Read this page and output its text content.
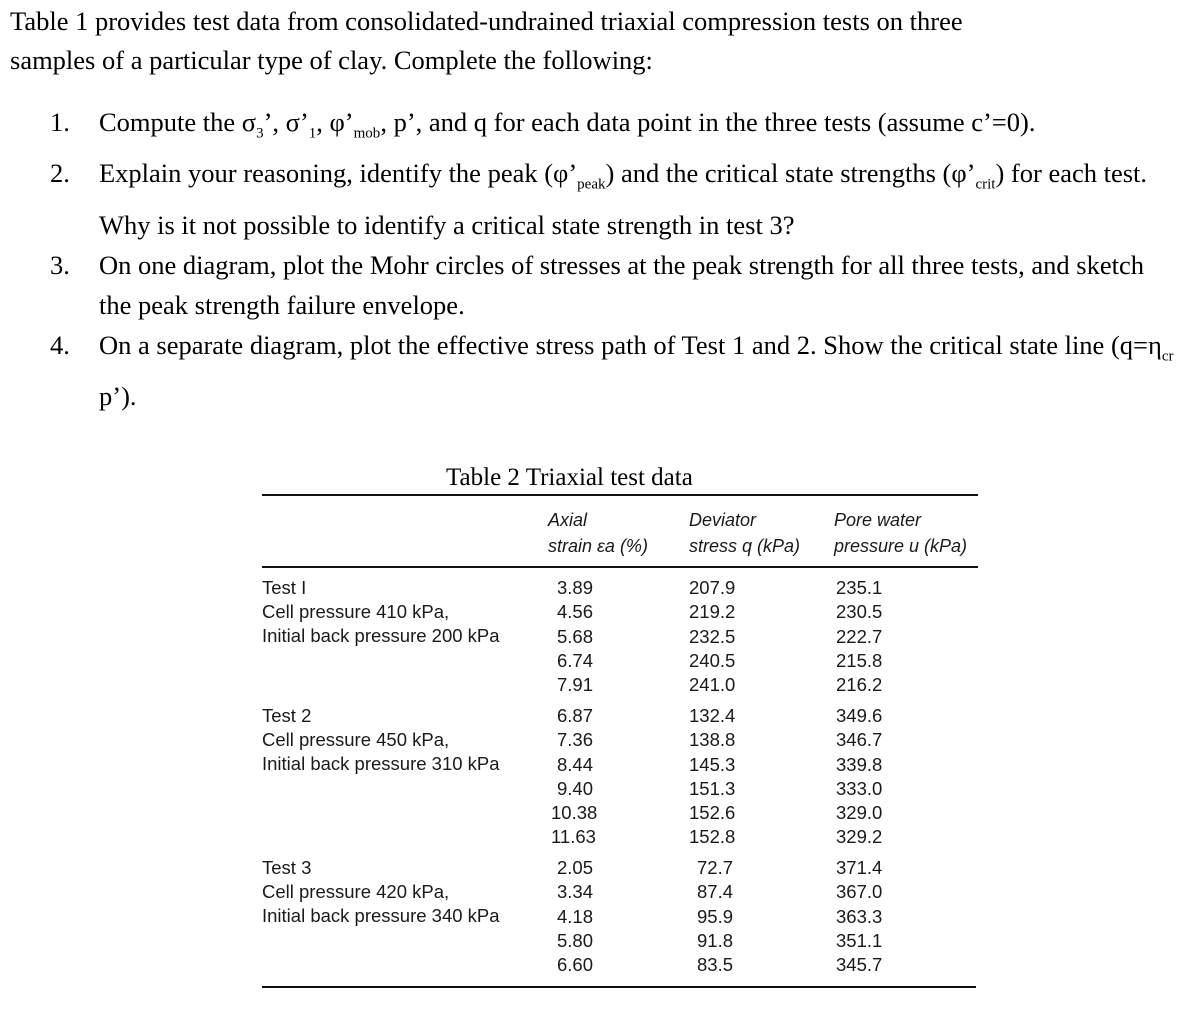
Table 1 provides test data from consolidated-undrained triaxial compression tests on three
samples of a particular type of clay. Complete the following:
1. Compute the $\sigma_3$’, $\sigma’_1$, $\varphi’_{mob}$, p’, and q for each data point in the three tests (assume c’=0).
2. Explain your reasoning, identify the peak $(\varphi’_{peak})$ and the critical state strengths $(\varphi’_{crit})$ for each test. Why is it not possible to identify a critical state strength in test 3?
3. On one diagram, plot the Mohr circles of stresses at the peak strength for all three tests, and sketch the peak strength failure envelope.
4. On a separate diagram, plot the effective stress path of Test 1 and 2. Show the critical state line ($q=\eta_{cr}$ p’).
Table 2 Triaxial test data
Axial
strain εa (%)
Deviator
stress q (kPa)
Pore water
pressure u (kPa)
Test I
Cell pressure 410 kPa,
Initial back pressure 200 kPa
3.89
4.56
5.68
6.74
7.91
207.9
219.2
232.5
240.5
241.0
235.1
230.5
222.7
215.8
216.2
Test 2
Cell pressure 450 kPa,
Initial back pressure 310 kPa
6.87
7.36
8.44
9.40
10.38
11.63
132.4
138.8
145.3
151.3
152.6
152.8
349.6
346.7
339.8
333.0
329.0
329.2
Test 3
Cell pressure 420 kPa,
Initial back pressure 340 kPa
2.05
3.34
4.18
5.80
6.60
72.7
87.4
95.9
91.8
83.5
371.4
367.0
363.3
351.1
345.7
